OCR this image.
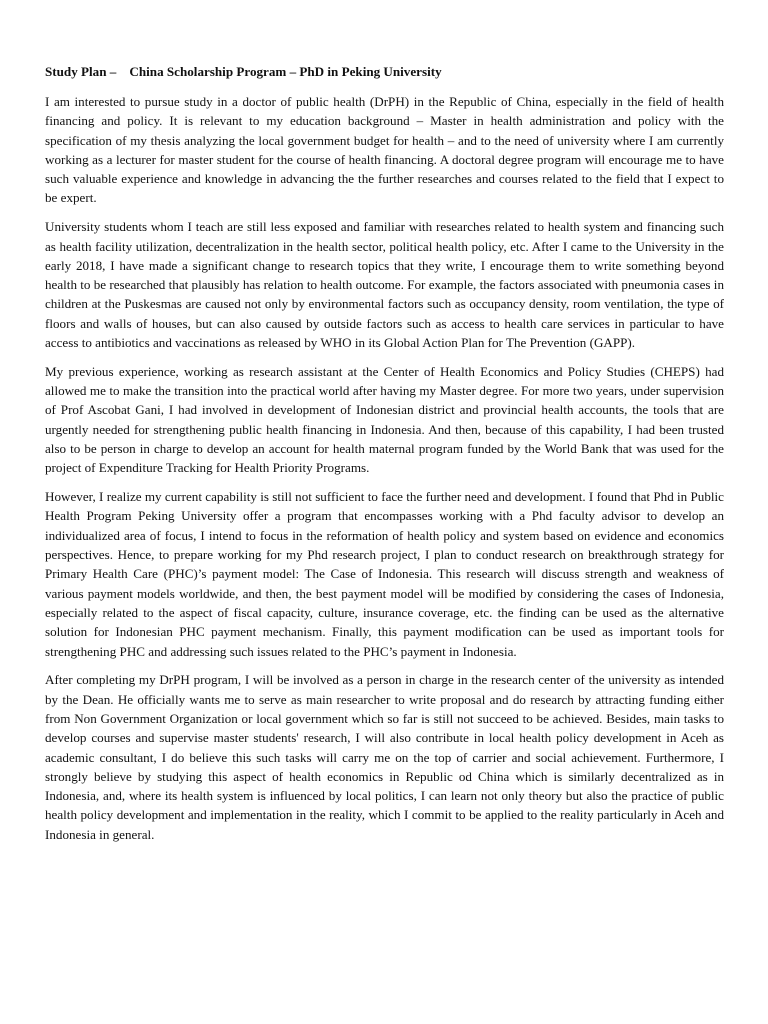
Study Plan –    China Scholarship Program – PhD in Peking University

I am interested to pursue study in a doctor of public health (DrPH) in the Republic of China, especially in the field of health financing and policy. It is relevant to my education background – Master in health administration and policy with the specification of my thesis analyzing the local government budget for health – and to the need of university where I am currently working as a lecturer for master student for the course of health financing. A doctoral degree program will encourage me to have such valuable experience and knowledge in advancing the the further researches and courses related to the field that I expect to be expert.

University students whom I teach are still less exposed and familiar with researches related to health system and financing such as health facility utilization, decentralization in the health sector, political health policy, etc. After I came to the University in the early 2018, I have made a significant change to research topics that they write, I encourage them to write something beyond health to be researched that plausibly has relation to health outcome. For example, the factors associated with pneumonia cases in children at the Puskesmas are caused not only by environmental factors such as occupancy density, room ventilation, the type of floors and walls of houses, but can also caused by outside factors such as access to health care services in particular to have access to antibiotics and vaccinations as released by WHO in its Global Action Plan for The Prevention (GAPP).

My previous experience, working as research assistant at the Center of Health Economics and Policy Studies (CHEPS) had allowed me to make the transition into the practical world after having my Master degree. For more two years, under supervision of Prof Ascobat Gani, I had involved in development of Indonesian district and provincial health accounts, the tools that are urgently needed for strengthening public health financing in Indonesia. And then, because of this capability, I had been trusted also to be person in charge to develop an account for health maternal program funded by the World Bank that was used for the project of Expenditure Tracking for Health Priority Programs.

However, I realize my current capability is still not sufficient to face the further need and development. I found that Phd in Public Health Program Peking University offer a program that encompasses working with a Phd faculty advisor to develop an individualized area of focus, I intend to focus in the reformation of health policy and system based on evidence and economics perspectives. Hence, to prepare working for my Phd research project, I plan to conduct research on breakthrough strategy for Primary Health Care (PHC)’s payment model: The Case of Indonesia. This research will discuss strength and weakness of various payment models worldwide, and then, the best payment model will be modified by considering the cases of Indonesia, especially related to the aspect of fiscal capacity, culture, insurance coverage, etc. the finding can be used as the alternative solution for Indonesian PHC payment mechanism. Finally, this payment modification can be used as important tools for strengthening PHC and addressing such issues related to the PHC’s payment in Indonesia.

After completing my DrPH program, I will be involved as a person in charge in the research center of the university as intended by the Dean. He officially wants me to serve as main researcher to write proposal and do research by attracting funding either from Non Government Organization or local government which so far is still not succeed to be achieved. Besides, main tasks to develop courses and supervise master students' research, I will also contribute in local health policy development in Aceh as academic consultant, I do believe this such tasks will carry me on the top of carrier and social achievement. Furthermore, I strongly believe by studying this aspect of health economics in Republic od China which is similarly decentralized as in Indonesia, and, where its health system is influenced by local politics, I can learn not only theory but also the practice of public health policy development and implementation in the reality, which I commit to be applied to the reality particularly in Aceh and Indonesia in general.
